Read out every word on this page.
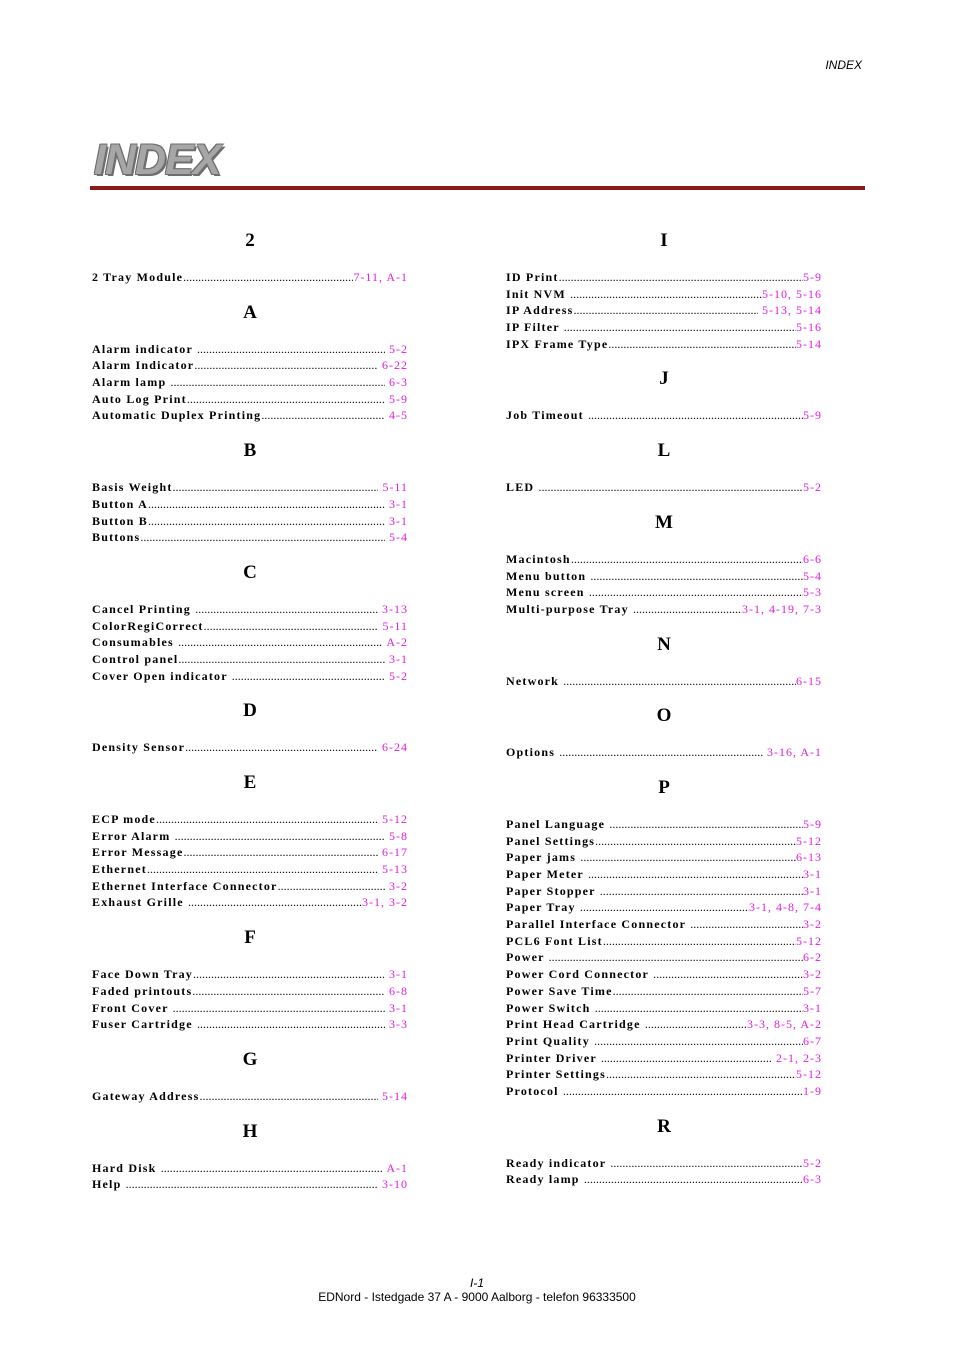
INDEX
INDEX
2
2 Tray Module .....	7-11, A-1
A
Alarm indicator .....	5-2
Alarm Indicator .....	6-22
Alarm lamp .....	6-3
Auto Log Print .....	5-9
Automatic Duplex Printing .....	4-5
B
Basis Weight .....	5-11
Button A .....	3-1
Button B .....	3-1
Buttons .....	5-4
C
Cancel Printing .....	3-13
ColorRegiCorrect .....	5-11
Consumables .....	A-2
Control panel .....	3-1
Cover Open indicator .....	5-2
D
Density Sensor .....	6-24
E
ECP mode .....	5-12
Error Alarm .....	5-8
Error Message .....	6-17
Ethernet .....	5-13
Ethernet Interface Connector .....	3-2
Exhaust Grille .....	3-1, 3-2
F
Face Down Tray .....	3-1
Faded printouts .....	6-8
Front Cover .....	3-1
Fuser Cartridge .....	3-3
G
Gateway Address .....	5-14
H
Hard Disk .....	A-1
Help .....	3-10
I
ID Print .....	5-9
Init NVM .....	5-10, 5-16
IP Address .....	5-13, 5-14
IP Filter .....	5-16
IPX Frame Type .....	5-14
J
Job Timeout .....	5-9
L
LED .....	5-2
M
Macintosh .....	6-6
Menu button .....	5-4
Menu screen .....	5-3
Multi-purpose Tray .....	3-1, 4-19, 7-3
N
Network .....	6-15
O
Options .....	3-16, A-1
P
Panel Language .....	5-9
Panel Settings .....	5-12
Paper jams .....	6-13
Paper Meter .....	3-1
Paper Stopper .....	3-1
Paper Tray .....	3-1, 4-8, 7-4
Parallel Interface Connector .....	3-2
PCL6 Font List .....	5-12
Power .....	6-2
Power Cord Connector .....	3-2
Power Save Time .....	5-7
Power Switch .....	3-1
Print Head Cartridge .....	3-3, 8-5, A-2
Print Quality .....	6-7
Printer Driver .....	2-1, 2-3
Printer Settings .....	5-12
Protocol .....	1-9
R
Ready indicator .....	5-2
Ready lamp .....	6-3
I-1
EDNord - Istedgade 37 A - 9000 Aalborg - telefon 96333500
